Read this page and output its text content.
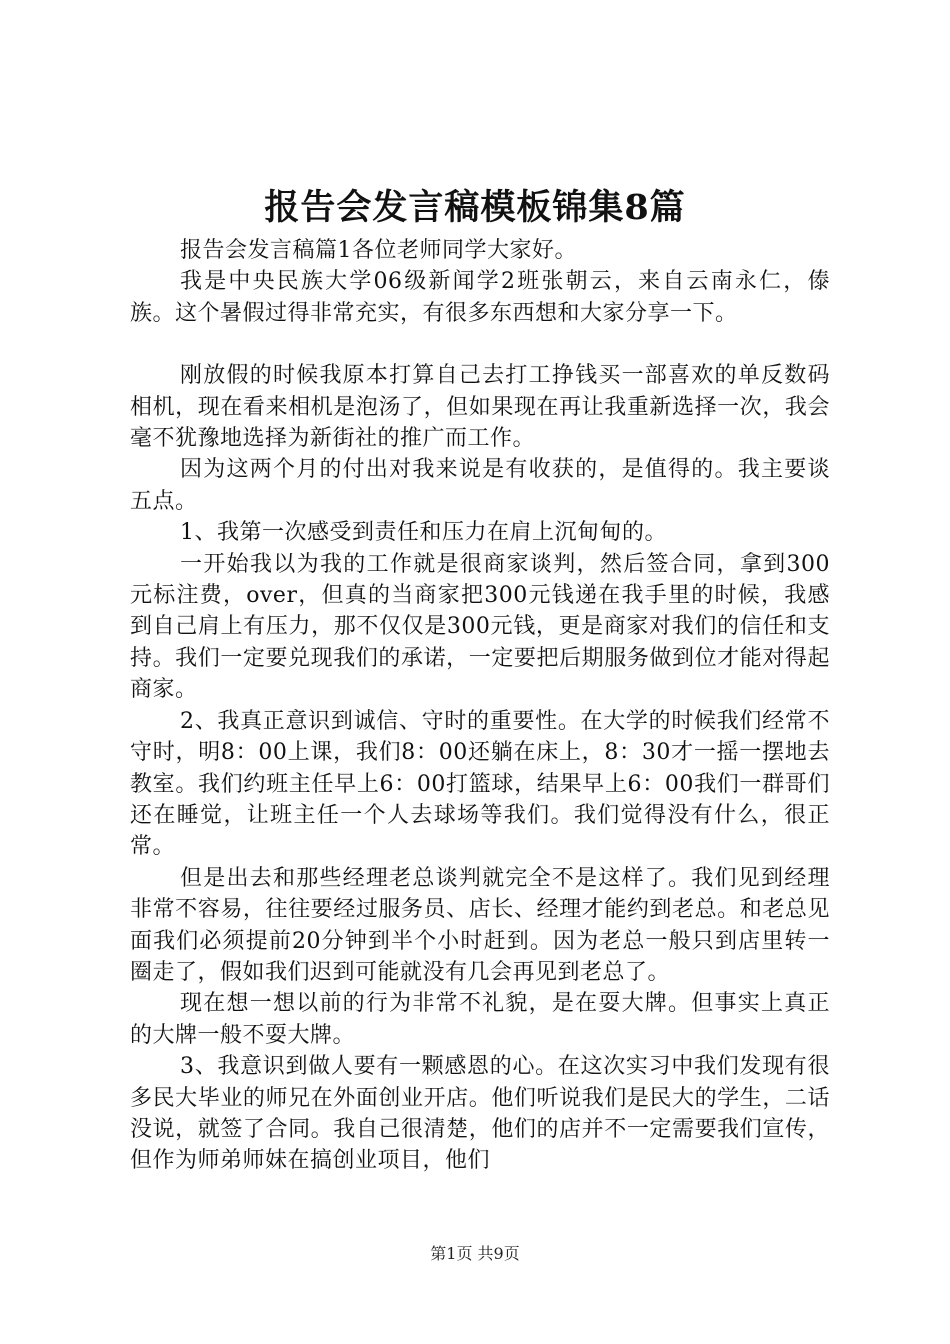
报告会发言稿模板锦集8篇

报告会发言稿篇1各位老师同学大家好。

我是中央民族大学06级新闻学2班张朝云，来自云南永仁，傣族。这个暑假过得非常充实，有很多东西想和大家分享一下。

刚放假的时候我原本打算自己去打工挣钱买一部喜欢的单反数码相机，现在看来相机是泡汤了，但如果现在再让我重新选择一次，我会毫不犹豫地选择为新街社的推广而工作。

因为这两个月的付出对我来说是有收获的，是值得的。我主要谈五点。

1、我第一次感受到责任和压力在肩上沉甸甸的。

一开始我以为我的工作就是很商家谈判，然后签合同，拿到300元标注费，over，但真的当商家把300元钱递在我手里的时候，我感到自己肩上有压力，那不仅仅是300元钱，更是商家对我们的信任和支持。我们一定要兑现我们的承诺，一定要把后期服务做到位才能对得起商家。

2、我真正意识到诚信、守时的重要性。在大学的时候我们经常不守时，明8：00上课，我们8：00还躺在床上，8：30才一摇一摆地去教室。我们约班主任早上6：00打篮球，结果早上6：00我们一群哥们还在睡觉，让班主任一个人去球场等我们。我们觉得没有什么，很正常。

但是出去和那些经理老总谈判就完全不是这样了。我们见到经理非常不容易，往往要经过服务员、店长、经理才能约到老总。和老总见面我们必须提前20分钟到半个小时赶到。因为老总一般只到店里转一圈走了，假如我们迟到可能就没有几会再见到老总了。

现在想一想以前的行为非常不礼貌，是在耍大牌。但事实上真正的大牌一般不耍大牌。

3、我意识到做人要有一颗感恩的心。在这次实习中我们发现有很多民大毕业的师兄在外面创业开店。他们听说我们是民大的学生，二话没说，就签了合同。我自己很清楚，他们的店并不一定需要我们宣传，但作为师弟师妹在搞创业项目，他们

第1页 共9页
